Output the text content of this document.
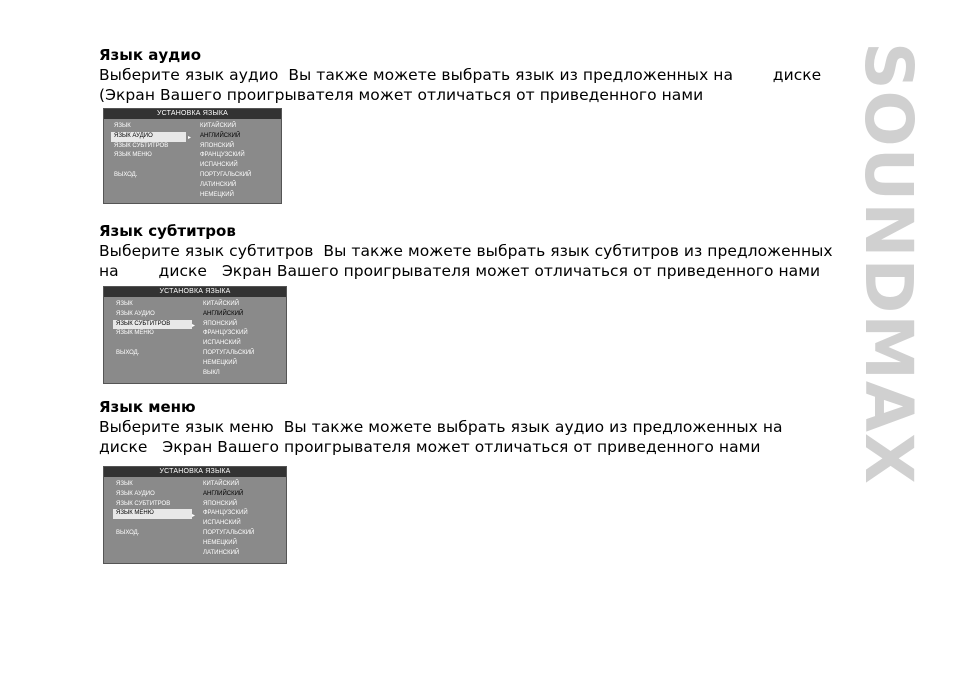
Язык аудио

Выберите язык аудио  Вы также можете выбрать язык из предложенных на        диске

(Экран Вашего проигрывателя может отличаться от приведенного нами

УСТАНОВКА ЯЗЫКА
ЯЗЫК
ЯЗЫК АУДИО
ЯЗЫК СУБТИТРОВ
ЯЗЫК МЕНЮ
ВЫХОД.
▸
КИТАЙСКИЙ
АНГЛИЙСКИЙ
ЯПОНСКИЙ
ФРАНЦУЗСКИЙ
ИСПАНСКИЙ
ПОРТУГАЛЬСКИЙ
ЛАТИНСКИЙ
НЕМЕЦКИЙ
Язык субтитров

Выберите язык субтитров  Вы также можете выбрать язык субтитров из предложенных

на        диске   Экран Вашего проигрывателя может отличаться от приведенного нами

УСТАНОВКА ЯЗЫКА
ЯЗЫК
ЯЗЫК АУДИО
ЯЗЫК СУБТИТРОВ
ЯЗЫК МЕНЮ
ВЫХОД.
▸
КИТАЙСКИЙ
АНГЛИЙСКИЙ
ЯПОНСКИЙ
ФРАНЦУЗСКИЙ
ИСПАНСКИЙ
ПОРТУГАЛЬСКИЙ
НЕМЕЦКИЙ
ВЫКЛ
Язык меню

Выберите язык меню  Вы также можете выбрать язык аудио из предложенных на

диске   Экран Вашего проигрывателя может отличаться от приведенного нами

УСТАНОВКА ЯЗЫКА
ЯЗЫК
ЯЗЫК АУДИО
ЯЗЫК СУБТИТРОВ
ЯЗЫК МЕНЮ
ВЫХОД.
▸
КИТАЙСКИЙ
АНГЛИЙСКИЙ
ЯПОНСКИЙ
ФРАНЦУЗСКИЙ
ИСПАНСКИЙ
ПОРТУГАЛЬСКИЙ
НЕМЕЦКИЙ
ЛАТИНСКИЙ
SOUNDMAX
